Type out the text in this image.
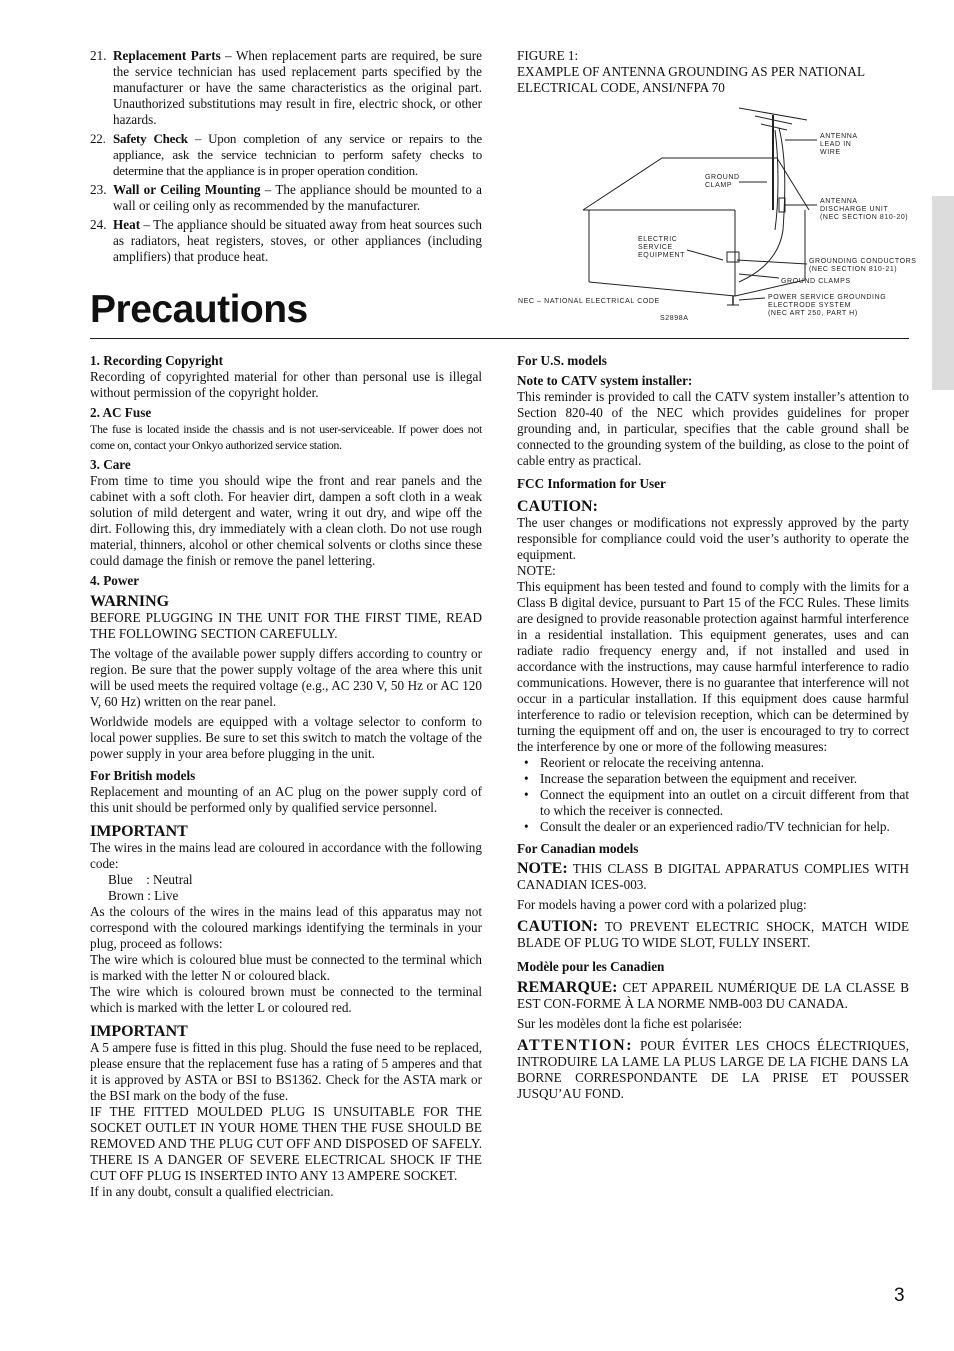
21. Replacement Parts – When replacement parts are required, be sure the service technician has used replacement parts specified by the manufacturer or have the same characteristics as the original part. Unauthorized substitutions may result in fire, electric shock, or other hazards.
22. Safety Check – Upon completion of any service or repairs to the appliance, ask the service technician to perform safety checks to determine that the appliance is in proper operation condition.
23. Wall or Ceiling Mounting – The appliance should be mounted to a wall or ceiling only as recommended by the manufacturer.
24. Heat – The appliance should be situated away from heat sources such as radiators, heat registers, stoves, or other appliances (including amplifiers) that produce heat.
FIGURE 1:
EXAMPLE OF ANTENNA GROUNDING AS PER NATIONAL ELECTRICAL CODE, ANSI/NFPA 70
ANTENNA LEAD IN WIRE
GROUND CLAMP
ANTENNA DISCHARGE UNIT (NEC SECTION 810-20)
ELECTRIC SERVICE EQUIPMENT
GROUNDING CONDUCTORS (NEC SECTION 810-21)
GROUND CLAMPS
POWER SERVICE GROUNDING ELECTRODE SYSTEM (NEC ART 250, PART H)
NEC – NATIONAL ELECTRICAL CODE
S2898A
Precautions
1. Recording Copyright

Recording of copyrighted material for other than personal use is illegal without permission of the copyright holder.

2. AC Fuse

The fuse is located inside the chassis and is not user-serviceable. If power does not come on, contact your Onkyo authorized service station.

3. Care

From time to time you should wipe the front and rear panels and the cabinet with a soft cloth. For heavier dirt, dampen a soft cloth in a weak solution of mild detergent and water, wring it out dry, and wipe off the dirt. Following this, dry immediately with a clean cloth. Do not use rough material, thinners, alcohol or other chemical solvents or cloths since these could damage the finish or remove the panel lettering.

4. Power
WARNING

BEFORE PLUGGING IN THE UNIT FOR THE FIRST TIME, READ THE FOLLOWING SECTION CAREFULLY.

The voltage of the available power supply differs according to country or region. Be sure that the power supply voltage of the area where this unit will be used meets the required voltage (e.g., AC 230 V, 50 Hz or AC 120 V, 60 Hz) written on the rear panel.

Worldwide models are equipped with a voltage selector to conform to local power supplies. Be sure to set this switch to match the voltage of the power supply in your area before plugging in the unit.

For British models

Replacement and mounting of an AC plug on the power supply cord of this unit should be performed only by qualified service personnel.

IMPORTANT

The wires in the mains lead are coloured in accordance with the following code:

Blue    : Neutral

Brown : Live

As the colours of the wires in the mains lead of this apparatus may not correspond with the coloured markings identifying the terminals in your plug, proceed as follows:

The wire which is coloured blue must be connected to the terminal which is marked with the letter N or coloured black.

The wire which is coloured brown must be connected to the terminal which is marked with the letter L or coloured red.

IMPORTANT

A 5 ampere fuse is fitted in this plug. Should the fuse need to be replaced, please ensure that the replacement fuse has a rating of 5 amperes and that it is approved by ASTA or BSI to BS1362. Check for the ASTA mark or the BSI mark on the body of the fuse.

IF THE FITTED MOULDED PLUG IS UNSUITABLE FOR THE SOCKET OUTLET IN YOUR HOME THEN THE FUSE SHOULD BE REMOVED AND THE PLUG CUT OFF AND DISPOSED OF SAFELY. THERE IS A DANGER OF SEVERE ELECTRICAL SHOCK IF THE CUT OFF PLUG IS INSERTED INTO ANY 13 AMPERE SOCKET.

If in any doubt, consult a qualified electrician.

For U.S. models
Note to CATV system installer:

This reminder is provided to call the CATV system installer’s attention to Section 820-40 of the NEC which provides guidelines for proper grounding and, in particular, specifies that the cable ground shall be connected to the grounding system of the building, as close to the point of cable entry as practical.

FCC Information for User
CAUTION:

The user changes or modifications not expressly approved by the party responsible for compliance could void the user’s authority to operate the equipment.

NOTE:

This equipment has been tested and found to comply with the limits for a Class B digital device, pursuant to Part 15 of the FCC Rules. These limits are designed to provide reasonable protection against harmful interference in a residential installation. This equipment generates, uses and can radiate radio frequency energy and, if not installed and used in accordance with the instructions, may cause harmful interference to radio communications. However, there is no guarantee that interference will not occur in a particular installation. If this equipment does cause harmful interference to radio or television reception, which can be determined by turning the equipment off and on, the user is encouraged to try to correct the interference by one or more of the following measures:

• Reorient or relocate the receiving antenna.
• Increase the separation between the equipment and receiver.
• Connect the equipment into an outlet on a circuit different from that to which the receiver is connected.
• Consult the dealer or an experienced radio/TV technician for help.
For Canadian models

NOTE: THIS CLASS B DIGITAL APPARATUS COMPLIES WITH CANADIAN ICES-003.

For models having a power cord with a polarized plug:

CAUTION: TO PREVENT ELECTRIC SHOCK, MATCH WIDE BLADE OF PLUG TO WIDE SLOT, FULLY INSERT.

Modèle pour les Canadien

REMARQUE: CET APPAREIL NUMÉRIQUE DE LA CLASSE B EST CON-FORME À LA NORME NMB-003 DU CANADA.

Sur les modèles dont la fiche est polarisée:

ATTENTION: POUR ÉVITER LES CHOCS ÉLECTRIQUES, INTRODUIRE LA LAME LA PLUS LARGE DE LA FICHE DANS LA BORNE CORRESPONDANTE DE LA PRISE ET POUSSER JUSQU’AU FOND.

3
